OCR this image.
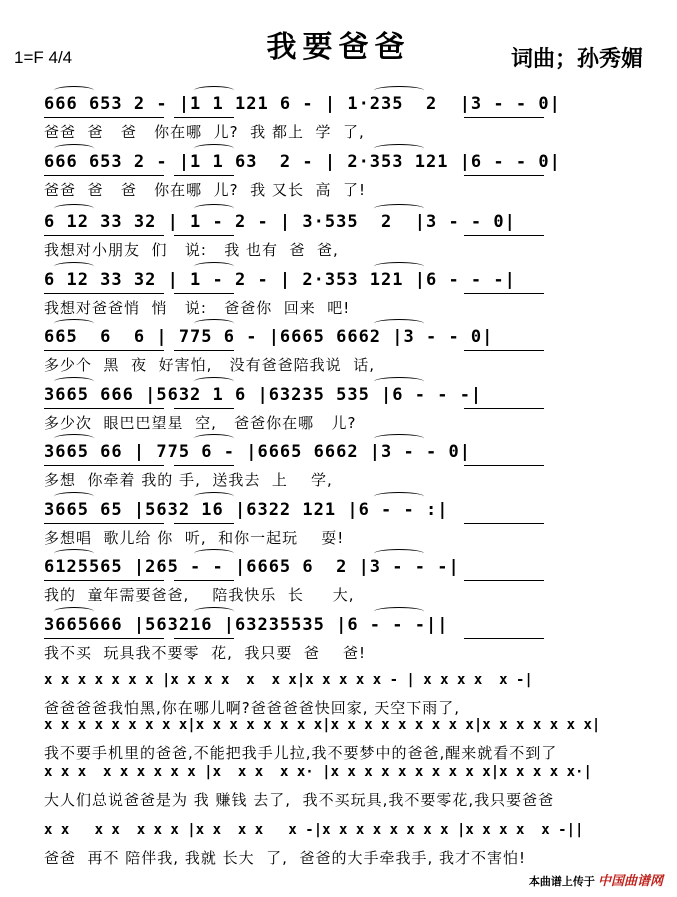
1=F 4/4	我要爸爸	词曲；孙秀媚
666 653 2 - |1 1 121 6 - | 1·235  2  |3 - - 0|
爸爸  爸   爸   你在哪  儿?  我 都上  学  了,
666 653 2 - |1 1 63  2 - | 2·353 121 |6 - - 0|
爸爸  爸   爸   你在哪  儿?  我 又长  高  了!
6 12 33 32 | 1 - 2 - | 3·535  2  |3 - - 0|
我想对小朋友  们   说:   我 也有  爸  爸,
6 12 33 32 | 1 - 2 - | 2·353 121 |6 - - -|
我想对爸爸悄  悄   说:   爸爸你  回来  吧!
665  6  6 | 775 6 - |6665 6662 |3 - - 0|
多少个  黑  夜  好害怕,   没有爸爸陪我说  话,
3665 666 |5632 1 6 |63235 535 |6 - - -|
多少次  眼巴巴望星  空,   爸爸你在哪   儿?
3665 66 | 775 6 - |6665 6662 |3 - - 0|
多想  你牵着 我的 手,  送我去  上    学,
3665 65 |5632 16 |6322 121 |6 - - :|
多想唱  歌儿给 你  听,  和你一起玩    耍!
6125565 |265 - - |6665 6  2 |3 - - -|
我的  童年需要爸爸,    陪我快乐  长     大,
3665666 |563216 |63235535 |6 - - -||
我不买  玩具我不要零  花,  我只要  爸    爸!
x x x x x x x |x x x x  x  x x|x x x x x - | x x x x  x -|
爸爸爸爸我怕黑,你在哪儿啊?爸爸爸爸快回家, 天空下雨了,
x x x x x x x x x|x x x x x x x x|x x x x x x x x x|x x x x x x x|
我不要手机里的爸爸,不能把我手儿拉,我不要梦中的爸爸,醒来就看不到了
x x x  x x x x x x |x  x x  x x· |x x x x x x x x x x|x x x x x·|
大人们总说爸爸是为 我 赚钱 去了,  我不买玩具,我不要零花,我只要爸爸
x x   x x  x x x |x x  x x   x -|x x x x x x x x |x x x x  x -||
爸爸  再不 陪伴我, 我就 长大  了,  爸爸的大手牵我手, 我才不害怕!
本曲谱上传于 中国曲谱网
